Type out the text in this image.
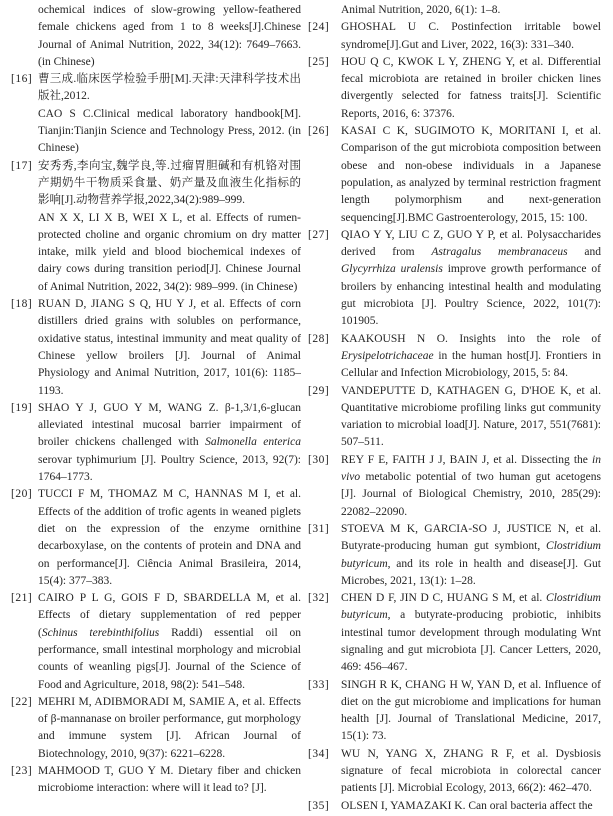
ochemical indices of slow-growing yellow-feathered female chickens aged from 1 to 8 weeks[J].Chinese Journal of Animal Nutrition, 2022, 34(12): 7649–7663.(in Chinese)
[16] 曹三成.临床医学检验手册[M].天津:天津科学技术出版社,2012.
CAO S C.Clinical medical laboratory handbook[M]. Tianjin:Tianjin Science and Technology Press, 2012. (in Chinese)
[17] 安秀秀,李向宝,魏学良,等.过瘤胃胆碱和有机铬对围产期奶牛干物质采食量、奶产量及血液生化指标的影响[J].动物营养学报,2022,34(2):989–999.
AN X X, LI X B, WEI X L, et al. Effects of rumen-protected choline and organic chromium on dry matter intake, milk yield and blood biochemical indexes of dairy cows during transition period[J]. Chinese Journal of Animal Nutrition, 2022, 34(2): 989–999. (in Chinese)
[18] RUAN D, JIANG S Q, HU Y J, et al. Effects of corn distillers dried grains with solubles on performance, oxidative status, intestinal immunity and meat quality of Chinese yellow broilers [J]. Journal of Animal Physiology and Animal Nutrition, 2017, 101(6): 1185–1193.
[19] SHAO Y J, GUO Y M, WANG Z. β-1,3/1,6-glucan alleviated intestinal mucosal barrier impairment of broiler chickens challenged with Salmonella enterica serovar typhimurium [J]. Poultry Science, 2013, 92(7): 1764–1773.
[20] TUCCI F M, THOMAZ M C, HANNAS M I, et al. Effects of the addition of trofic agents in weaned piglets diet on the expression of the enzyme ornithine decarboxylase, on the contents of protein and DNA and on performance[J]. Ciência Animal Brasileira, 2014, 15(4): 377–383.
[21] CAIRO P L G, GOIS F D, SBARDELLA M, et al. Effects of dietary supplementation of red pepper (Schinus terebinthifolius Raddi) essential oil on performance, small intestinal morphology and microbial counts of weanling pigs[J]. Journal of the Science of Food and Agriculture, 2018, 98(2): 541–548.
[22] MEHRI M, ADIBMORADI M, SAMIE A, et al. Effects of β-mannanase on broiler performance, gut morphology and immune system [J]. African Journal of Biotechnology, 2010, 9(37): 6221–6228.
[23] MAHMOOD T, GUO Y M. Dietary fiber and chicken microbiome interaction: where will it lead to? [J].
Animal Nutrition, 2020, 6(1): 1–8.
[24] GHOSHAL U C. Postinfection irritable bowel syndrome[J].Gut and Liver, 2022, 16(3): 331–340.
[25] HOU Q C, KWOK L Y, ZHENG Y, et al. Differential fecal microbiota are retained in broiler chicken lines divergently selected for fatness traits[J]. Scientific Reports, 2016, 6: 37376.
[26] KASAI C K, SUGIMOTO K, MORITANI I, et al. Comparison of the gut microbiota composition between obese and non-obese individuals in a Japanese population, as analyzed by terminal restriction fragment length polymorphism and next-generation sequencing[J].BMC Gastroenterology, 2015, 15: 100.
[27] QIAO Y Y, LIU C Z, GUO Y P, et al. Polysaccharides derived from Astragalus membranaceus and Glycyrrhiza uralensis improve growth performance of broilers by enhancing intestinal health and modulating gut microbiota [J]. Poultry Science, 2022, 101(7): 101905.
[28] KAAKOUSH N O. Insights into the role of Erysipelotrichaceae in the human host[J]. Frontiers in Cellular and Infection Microbiology, 2015, 5: 84.
[29] VANDEPUTTE D, KATHAGEN G, D'HOE K, et al. Quantitative microbiome profiling links gut community variation to microbial load[J]. Nature, 2017, 551(7681): 507–511.
[30] REY F E, FAITH J J, BAIN J, et al. Dissecting the in vivo metabolic potential of two human gut acetogens [J]. Journal of Biological Chemistry, 2010, 285(29): 22082–22090.
[31] STOEVA M K, GARCIA-SO J, JUSTICE N, et al. Butyrate-producing human gut symbiont, Clostridium butyricum, and its role in health and disease[J]. Gut Microbes, 2021, 13(1): 1–28.
[32] CHEN D F, JIN D C, HUANG S M, et al. Clostridium butyricum, a butyrate-producing probiotic, inhibits intestinal tumor development through modulating Wnt signaling and gut microbiota [J]. Cancer Letters, 2020, 469: 456–467.
[33] SINGH R K, CHANG H W, YAN D, et al. Influence of diet on the gut microbiome and implications for human health [J]. Journal of Translational Medicine, 2017, 15(1): 73.
[34] WU N, YANG X, ZHANG R F, et al. Dysbiosis signature of fecal microbiota in colorectal cancer patients [J]. Microbial Ecology, 2013, 66(2): 462–470.
[35] OLSEN I, YAMAZAKI K. Can oral bacteria affect the
